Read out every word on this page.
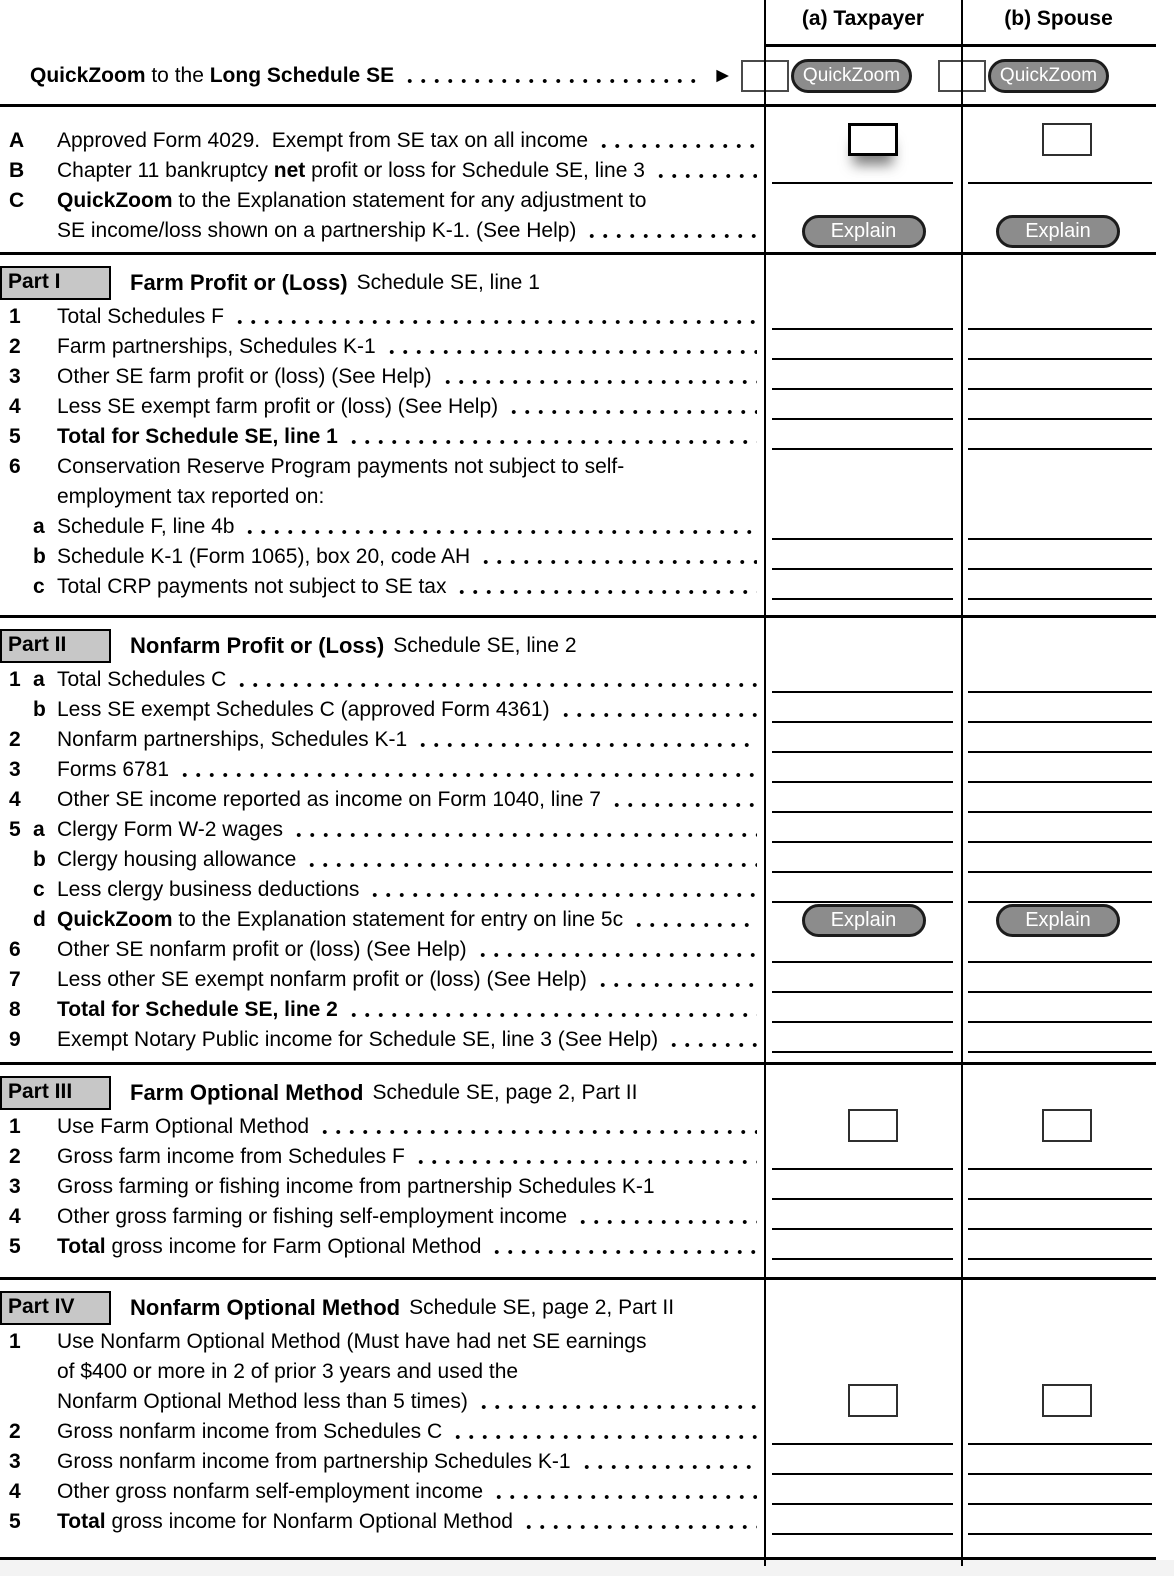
(a) Taxpayer	(b) Spouse
QuickZoom to the Long Schedule SE	►	QuickZoom	QuickZoom
A	Approved Form 4029.  Exempt from SE tax on all income
B	Chapter 11 bankruptcy net profit or loss for Schedule SE, line 3
C	QuickZoom to the Explanation statement for any adjustment to
SE income/loss shown on a partnership K-1. (See Help)	Explain	Explain
Part I	Farm Profit or (Loss) Schedule SE, line 1
1	Total Schedules F
2	Farm partnerships, Schedules K-1
3	Other SE farm profit or (loss) (See Help)
4	Less SE exempt farm profit or (loss) (See Help)
5	Total for Schedule SE, line 1
6	Conservation Reserve Program payments not subject to self-
employment tax reported on:
a Schedule F, line 4b
b Schedule K-1 (Form 1065), box 20, code AH
c Total CRP payments not subject to SE tax
Part II	Nonfarm Profit or (Loss) Schedule SE, line 2
1 a Total Schedules C
b Less SE exempt Schedules C (approved Form 4361)
2	Nonfarm partnerships, Schedules K-1
3	Forms 6781
4	Other SE income reported as income on Form 1040, line 7
5 a Clergy Form W-2 wages
b Clergy housing allowance
c Less clergy business deductions
d QuickZoom to the Explanation statement for entry on line 5c	Explain	Explain
6	Other SE nonfarm profit or (loss) (See Help)
7	Less other SE exempt nonfarm profit or (loss) (See Help)
8	Total for Schedule SE, line 2
9	Exempt Notary Public income for Schedule SE, line 3 (See Help)
Part III	Farm Optional Method Schedule SE, page 2, Part II
1	Use Farm Optional Method
2	Gross farm income from Schedules F
3	Gross farming or fishing income from partnership Schedules K-1
4	Other gross farming or fishing self-employment income
5	Total gross income for Farm Optional Method
Part IV	Nonfarm Optional Method Schedule SE, page 2, Part II
1	Use Nonfarm Optional Method (Must have had net SE earnings
of $400 or more in 2 of prior 3 years and used the
Nonfarm Optional Method less than 5 times)
2	Gross nonfarm income from Schedules C
3	Gross nonfarm income from partnership Schedules K-1
4	Other gross nonfarm self-employment income
5	Total gross income for Nonfarm Optional Method
